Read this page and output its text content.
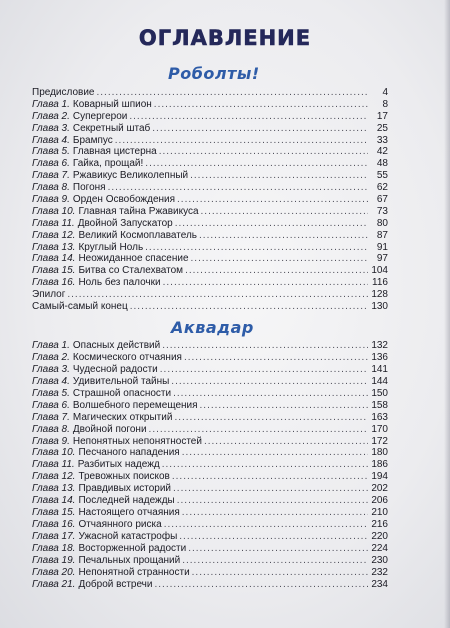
ОГЛАВЛЕНИЕ
Роболты!
Предисловие .....	4
Глава 1. Коварный шпион .....	8
Глава 2. Супергерои .....	17
Глава 3. Секретный штаб .....	25
Глава 4. Брампус .....	33
Глава 5. Главная цистерна .....	42
Глава 6. Гайка, прощай! .....	48
Глава 7. Ржавикус Великолепный .....	55
Глава 8. Погоня .....	62
Глава 9. Орден Освобождения .....	67
Глава 10. Главная тайна Ржавикуса .....	73
Глава 11. Двойной Запускатор .....	80
Глава 12. Великий Космоплаватель .....	87
Глава 13. Круглый Ноль .....	91
Глава 14. Неожиданное спасение .....	97
Глава 15. Битва со Сталехватом .....	104
Глава 16. Ноль без палочки .....	116
Эпилог .....	128
Самый-самый конец .....	130
Аквадар
Глава 1. Опасных действий .....	132
Глава 2. Космического отчаяния .....	136
Глава 3. Чудесной радости .....	141
Глава 4. Удивительной тайны .....	144
Глава 5. Страшной опасности .....	150
Глава 6. Волшебного перемещения .....	158
Глава 7. Магических открытий .....	163
Глава 8. Двойной погони .....	170
Глава 9. Непонятных непонятностей .....	172
Глава 10. Песчаного нападения .....	180
Глава 11. Разбитых надежд .....	186
Глава 12. Тревожных поисков .....	194
Глава 13. Правдивых историй .....	202
Глава 14. Последней надежды .....	206
Глава 15. Настоящего отчаяния .....	210
Глава 16. Отчаянного риска .....	216
Глава 17. Ужасной катастрофы .....	220
Глава 18. Восторженной радости .....	224
Глава 19. Печальных прощаний .....	230
Глава 20. Непонятной странности .....	232
Глава 21. Доброй встречи .....	234
